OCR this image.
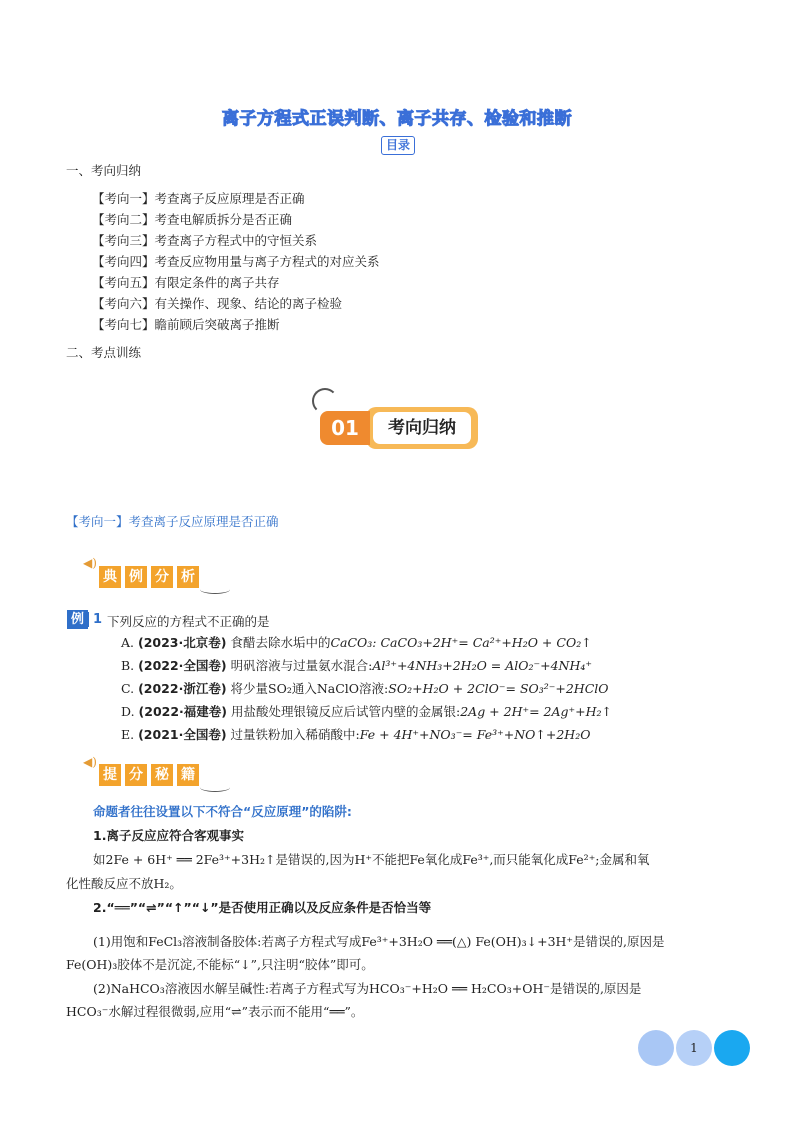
离子方程式正误判断、离子共存、检验和推断
目录
一、考向归纳
【考向一】考查离子反应原理是否正确
【考向二】考查电解质拆分是否正确
【考向三】考查离子方程式中的守恒关系
【考向四】考查反应物用量与离子方程式的对应关系
【考向五】有限定条件的离子共存
【考向六】有关操作、现象、结论的离子检验
【考向七】瞻前顾后突破离子推断
二、考点训练
考向归纳
01
【考向一】考查离子反应原理是否正确
◀)
典 例 分 析
例 1 下列反应的方程式不正确的是
A. (2023·北京卷) 食醋去除水垢中的CaCO₃: CaCO₃+2H⁺= Ca²⁺+H₂O + CO₂↑
B. (2022·全国卷) 明矾溶液与过量氨水混合:Al³⁺+4NH₃+2H₂O = AlO₂⁻+4NH₄⁺
C. (2022·浙江卷) 将少量SO₂通入NaClO溶液:SO₂+H₂O + 2ClO⁻= SO₃²⁻+2HClO
D. (2022·福建卷) 用盐酸处理银镜反应后试管内壁的金属银:2Ag + 2H⁺= 2Ag⁺+H₂↑
E. (2021·全国卷) 过量铁粉加入稀硝酸中:Fe + 4H⁺+NO₃⁻= Fe³⁺+NO↑+2H₂O
◀)
提 分 秘 籍
命题者往往设置以下不符合“反应原理”的陷阱:
1.离子反应应符合客观事实
如2Fe + 6H⁺ ══ 2Fe³⁺+3H₂↑是错误的,因为H⁺不能把Fe氧化成Fe³⁺,而只能氧化成Fe²⁺;金属和氧
化性酸反应不放H₂。
2.“══”“⇌”“↑”“↓”是否使用正确以及反应条件是否恰当等
(1)用饱和FeCl₃溶液制备胶体:若离子方程式写成Fe³⁺+3H₂O ══(△) Fe(OH)₃↓+3H⁺是错误的,原因是
Fe(OH)₃胶体不是沉淀,不能标“↓”,只注明“胶体”即可。
(2)NaHCO₃溶液因水解呈碱性:若离子方程式写为HCO₃⁻+H₂O ══ H₂CO₃+OH⁻是错误的,原因是
HCO₃⁻水解过程很微弱,应用“⇌”表示而不能用“══”。
1
